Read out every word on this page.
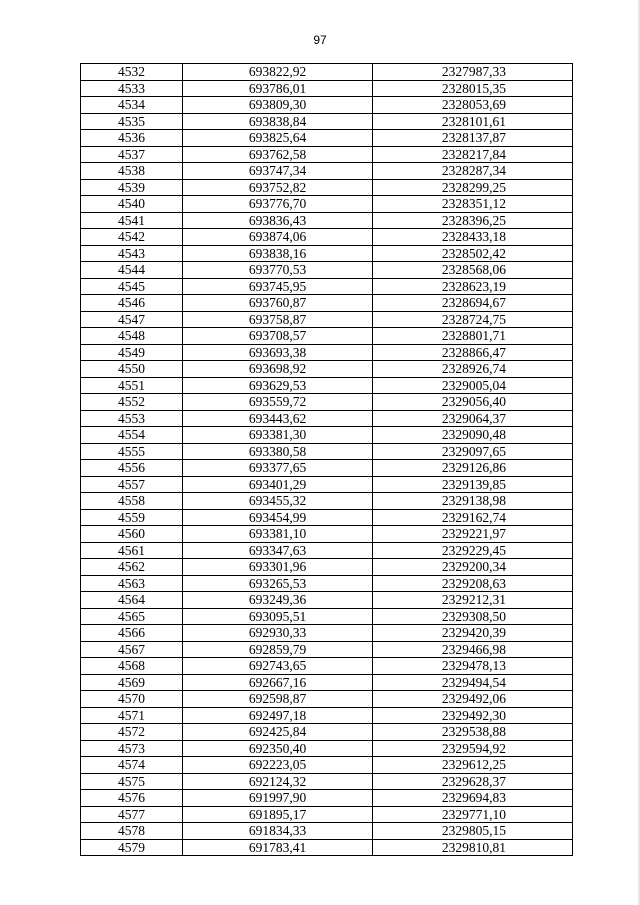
97
4532	693822,92	2327987,33
4533	693786,01	2328015,35
4534	693809,30	2328053,69
4535	693838,84	2328101,61
4536	693825,64	2328137,87
4537	693762,58	2328217,84
4538	693747,34	2328287,34
4539	693752,82	2328299,25
4540	693776,70	2328351,12
4541	693836,43	2328396,25
4542	693874,06	2328433,18
4543	693838,16	2328502,42
4544	693770,53	2328568,06
4545	693745,95	2328623,19
4546	693760,87	2328694,67
4547	693758,87	2328724,75
4548	693708,57	2328801,71
4549	693693,38	2328866,47
4550	693698,92	2328926,74
4551	693629,53	2329005,04
4552	693559,72	2329056,40
4553	693443,62	2329064,37
4554	693381,30	2329090,48
4555	693380,58	2329097,65
4556	693377,65	2329126,86
4557	693401,29	2329139,85
4558	693455,32	2329138,98
4559	693454,99	2329162,74
4560	693381,10	2329221,97
4561	693347,63	2329229,45
4562	693301,96	2329200,34
4563	693265,53	2329208,63
4564	693249,36	2329212,31
4565	693095,51	2329308,50
4566	692930,33	2329420,39
4567	692859,79	2329466,98
4568	692743,65	2329478,13
4569	692667,16	2329494,54
4570	692598,87	2329492,06
4571	692497,18	2329492,30
4572	692425,84	2329538,88
4573	692350,40	2329594,92
4574	692223,05	2329612,25
4575	692124,32	2329628,37
4576	691997,90	2329694,83
4577	691895,17	2329771,10
4578	691834,33	2329805,15
4579	691783,41	2329810,81
